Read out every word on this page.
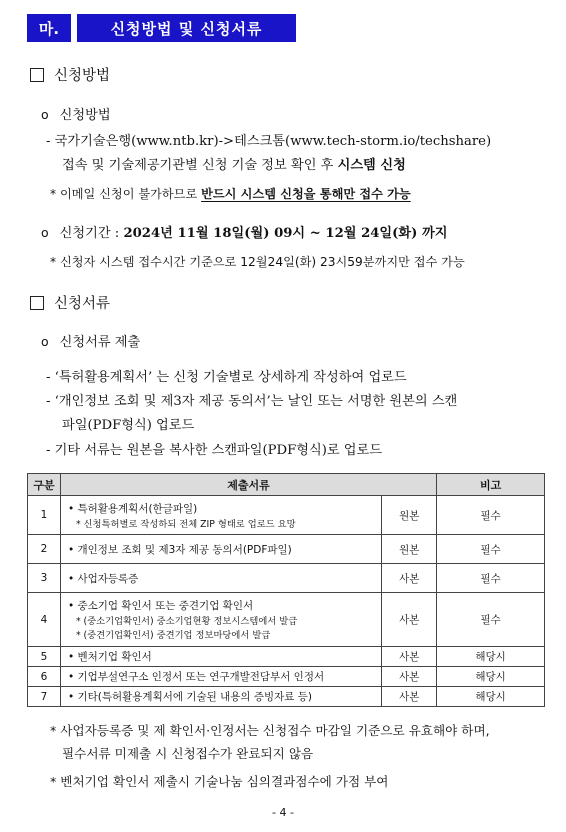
마.	신청방법 및 신청서류
신청방법
o 신청방법
- 국가기술은행(www.ntb.kr)->테스크톰(www.tech-storm.io/techshare)
접속 및 기술제공기관별 신청 기술 정보 확인 후 시스템 신청
* 이메일 신청이 불가하므로 반드시 시스템 신청을 통해만 접수 가능
o 신청기간 : 2024년 11월 18일(월) 09시 ~ 12월 24일(화) 까지
* 신청자 시스템 접수시간 기준으로 12월24일(화) 23시59분까지만 접수 가능
신청서류
o 신청서류 제출
- ‘특허활용계획서’ 는 신청 기술별로 상세하게 작성하여 업로드
- ‘개인정보 조회 및 제3자 제공 동의서’는 날인 또는 서명한 원본의 스캔
파일(PDF형식) 업로드
- 기타 서류는 원본을 복사한 스캔파일(PDF형식)로 업로드
구분	제출서류		비고
1	• 특허활용계획서(한글파일)
* 신청특허별로 작성하되 전체 ZIP 형태로 업로드 요망	원본	필수
2	• 개인정보 조회 및 제3자 제공 동의서(PDF파일)	원본	필수
3	• 사업자등록증	사본	필수
4	• 중소기업 확인서 또는 중견기업 확인서
* (중소기업확인서) 중소기업현황 정보시스템에서 발급
* (중견기업확인서) 중견기업 정보마당에서 발급	사본	필수
5	• 벤처기업 확인서	사본	해당시
6	• 기업부설연구소 인정서 또는 연구개발전담부서 인정서	사본	해당시
7	• 기타(특허활용계획서에 기술된 내용의 증빙자료 등)	사본	해당시
* 사업자등록증 및 제 확인서·인정서는 신청접수 마감일 기준으로 유효해야 하며,
필수서류 미제출 시 신청접수가 완료되지 않음
* 벤처기업 확인서 제출시 기술나눔 심의결과점수에 가점 부여
- 4 -
